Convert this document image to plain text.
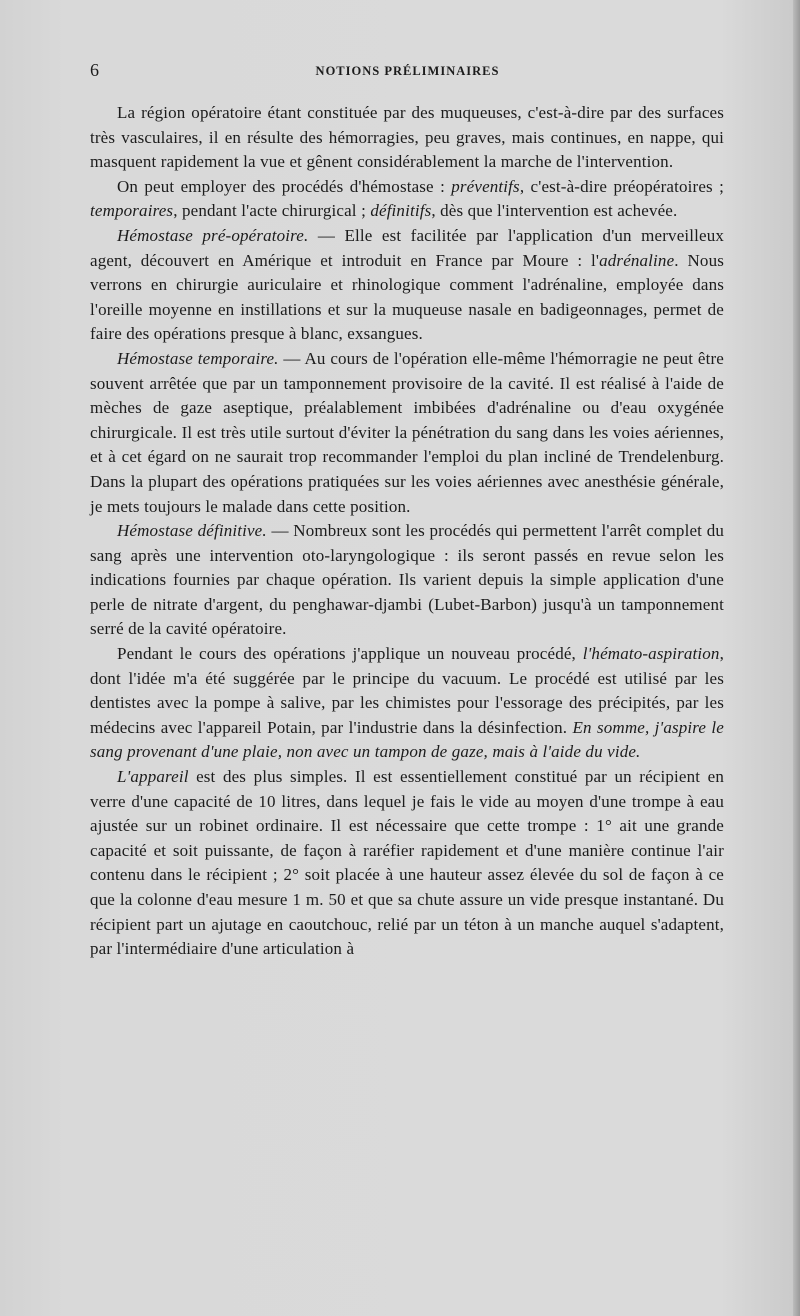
6	NOTIONS PRÉLIMINAIRES

La région opératoire étant constituée par des muqueuses, c'est-à-dire par des surfaces très vasculaires, il en résulte des hémorragies, peu graves, mais continues, en nappe, qui masquent rapidement la vue et gênent considérablement la marche de l'intervention.

On peut employer des procédés d'hémostase : préventifs, c'est-à-dire préopératoires ; temporaires, pendant l'acte chirurgical ; définitifs, dès que l'intervention est achevée.

Hémostase pré-opératoire. — Elle est facilitée par l'application d'un merveilleux agent, découvert en Amérique et introduit en France par Moure : l'adrénaline. Nous verrons en chirurgie auriculaire et rhinologique comment l'adrénaline, employée dans l'oreille moyenne en instillations et sur la muqueuse nasale en badigeonnages, permet de faire des opérations presque à blanc, exsangues.

Hémostase temporaire. — Au cours de l'opération elle-même l'hémorragie ne peut être souvent arrêtée que par un tamponnement provisoire de la cavité. Il est réalisé à l'aide de mèches de gaze aseptique, préalablement imbibées d'adrénaline ou d'eau oxygénée chirurgicale. Il est très utile surtout d'éviter la pénétration du sang dans les voies aériennes, et à cet égard on ne saurait trop recommander l'emploi du plan incliné de Trendelenburg. Dans la plupart des opérations pratiquées sur les voies aériennes avec anesthésie générale, je mets toujours le malade dans cette position.

Hémostase définitive. — Nombreux sont les procédés qui permettent l'arrêt complet du sang après une intervention oto-laryngologique : ils seront passés en revue selon les indications fournies par chaque opération. Ils varient depuis la simple application d'une perle de nitrate d'argent, du penghawar-djambi (Lubet-Barbon) jusqu'à un tamponnement serré de la cavité opératoire.

Pendant le cours des opérations j'applique un nouveau procédé, l'hémato-aspiration, dont l'idée m'a été suggérée par le principe du vacuum. Le procédé est utilisé par les dentistes avec la pompe à salive, par les chimistes pour l'essorage des précipités, par les médecins avec l'appareil Potain, par l'industrie dans la désinfection. En somme, j'aspire le sang provenant d'une plaie, non avec un tampon de gaze, mais à l'aide du vide.

L'appareil est des plus simples. Il est essentiellement constitué par un récipient en verre d'une capacité de 10 litres, dans lequel je fais le vide au moyen d'une trompe à eau ajustée sur un robinet ordinaire. Il est nécessaire que cette trompe : 1° ait une grande capacité et soit puissante, de façon à raréfier rapidement et d'une manière continue l'air contenu dans le récipient ; 2° soit placée à une hauteur assez élevée du sol de façon à ce que la colonne d'eau mesure 1 m. 50 et que sa chute assure un vide presque instantané. Du récipient part un ajutage en caoutchouc, relié par un téton à un manche auquel s'adaptent, par l'intermédiaire d'une articulation à
